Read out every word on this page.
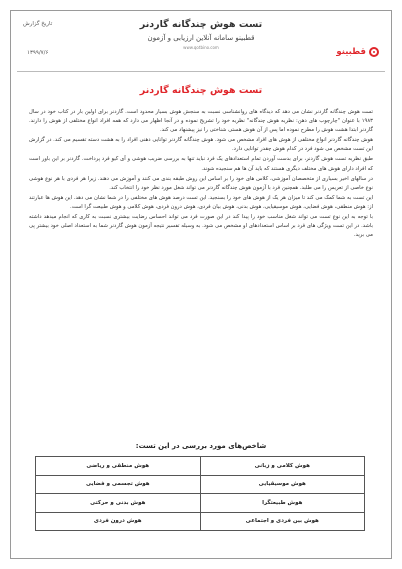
تاریخ گزارش
۱۳۹۹/۷/۶
تست هوش چندگانه گاردنر
قطبینو سامانه آنلاین ارزیابی و آزمون
www.qotbino.com	قطبینو
تست هوش چندگانه گاردنر

تست هوش چندگانه گاردنر نشان می دهد که دیدگاه های روانشناسی نسبت به سنجش هوش بسیار محدود است. گاردنر برای اولین بار در کتاب خود در سال ۱۹۸۳ با عنوان "چارچوب های ذهن: نظریه هوش چندگانه" نظریه خود را تشریح نموده و در آنجا اظهار می دارد که همه افراد انواع مختلفی از هوش را دارند. گاردنر ابتدا هشت هوش را مطرح نموده اما پس از آن هوش هستی شناختی را نیز پیشنهاد می کند.

هوش چندگانه گاردنر انواع مختلفی از هوش های افراد مشخص می شود. هوش چندگانه گاردنر توانایی ذهنی افراد را به هشت دسته تقسیم می کند. در گزارش این تست مشخص می شود فرد در کدام هوش چقدر توانایی دارد.

طبق نظریه تست هوش گاردنر، برای بدست آوردن تمام استعدادهای یک فرد نباید تنها به بررسی ضریب هوشی و آی کیو فرد پرداخت. گاردنر بر این باور است که افراد دارای هوش های مختلف دیگری هستند که باید آن ها هم سنجیده شوند.

در سالهای اخیر بسیاری از متخصصان آموزشی، کلاس های خود را بر اساس این روش طبقه بندی می کنند و آموزش می دهند. زیرا هر فردی با هر نوع هوشی نوع خاصی از تعریس را می طلبد. همچنین فرد با آزمون هوش چندگانه گاردنر می تواند شغل مورد نظر خود را انتخاب کند.

این تست به شما کمک می کند تا میزان هر یک از هوش های خود را بسنجید. این تست درصد هوش های مختلفی را در شما نشان می دهد. این هوش ها عبارتند از: هوش منطقی، هوش فضایی، هوش موسیقیایی، هوش بدنی، هوش بیان فردی، هوش درون فردی، هوش کلامی و هوش طبیعت گرا است.

با توجه به این نوع تست می تواند شغل مناسب خود را پیدا کند در این صورت فرد می تواند احساس رضایت بیشتری نسبت به کاری که انجام میدهد داشته باشد. در این تست ویژگی های فرد بر اساس استعدادهای او مشخص می شود. به وسیله تفسیر نتیجه آزمون هوش گاردنر شما به استعداد اصلی خود بیشتر پی می برید.

شاخص‌های مورد بررسی در این تست:
هوش کلامی و زبانی	هوش منطقی و ریاضی
هوش موسیقیایی	هوش تجسمی و فضایی
هوش طبیعتگرا	هوش بدنی و حرکتی
هوش بین فردی و اجتماعی	هوش درون فردی
